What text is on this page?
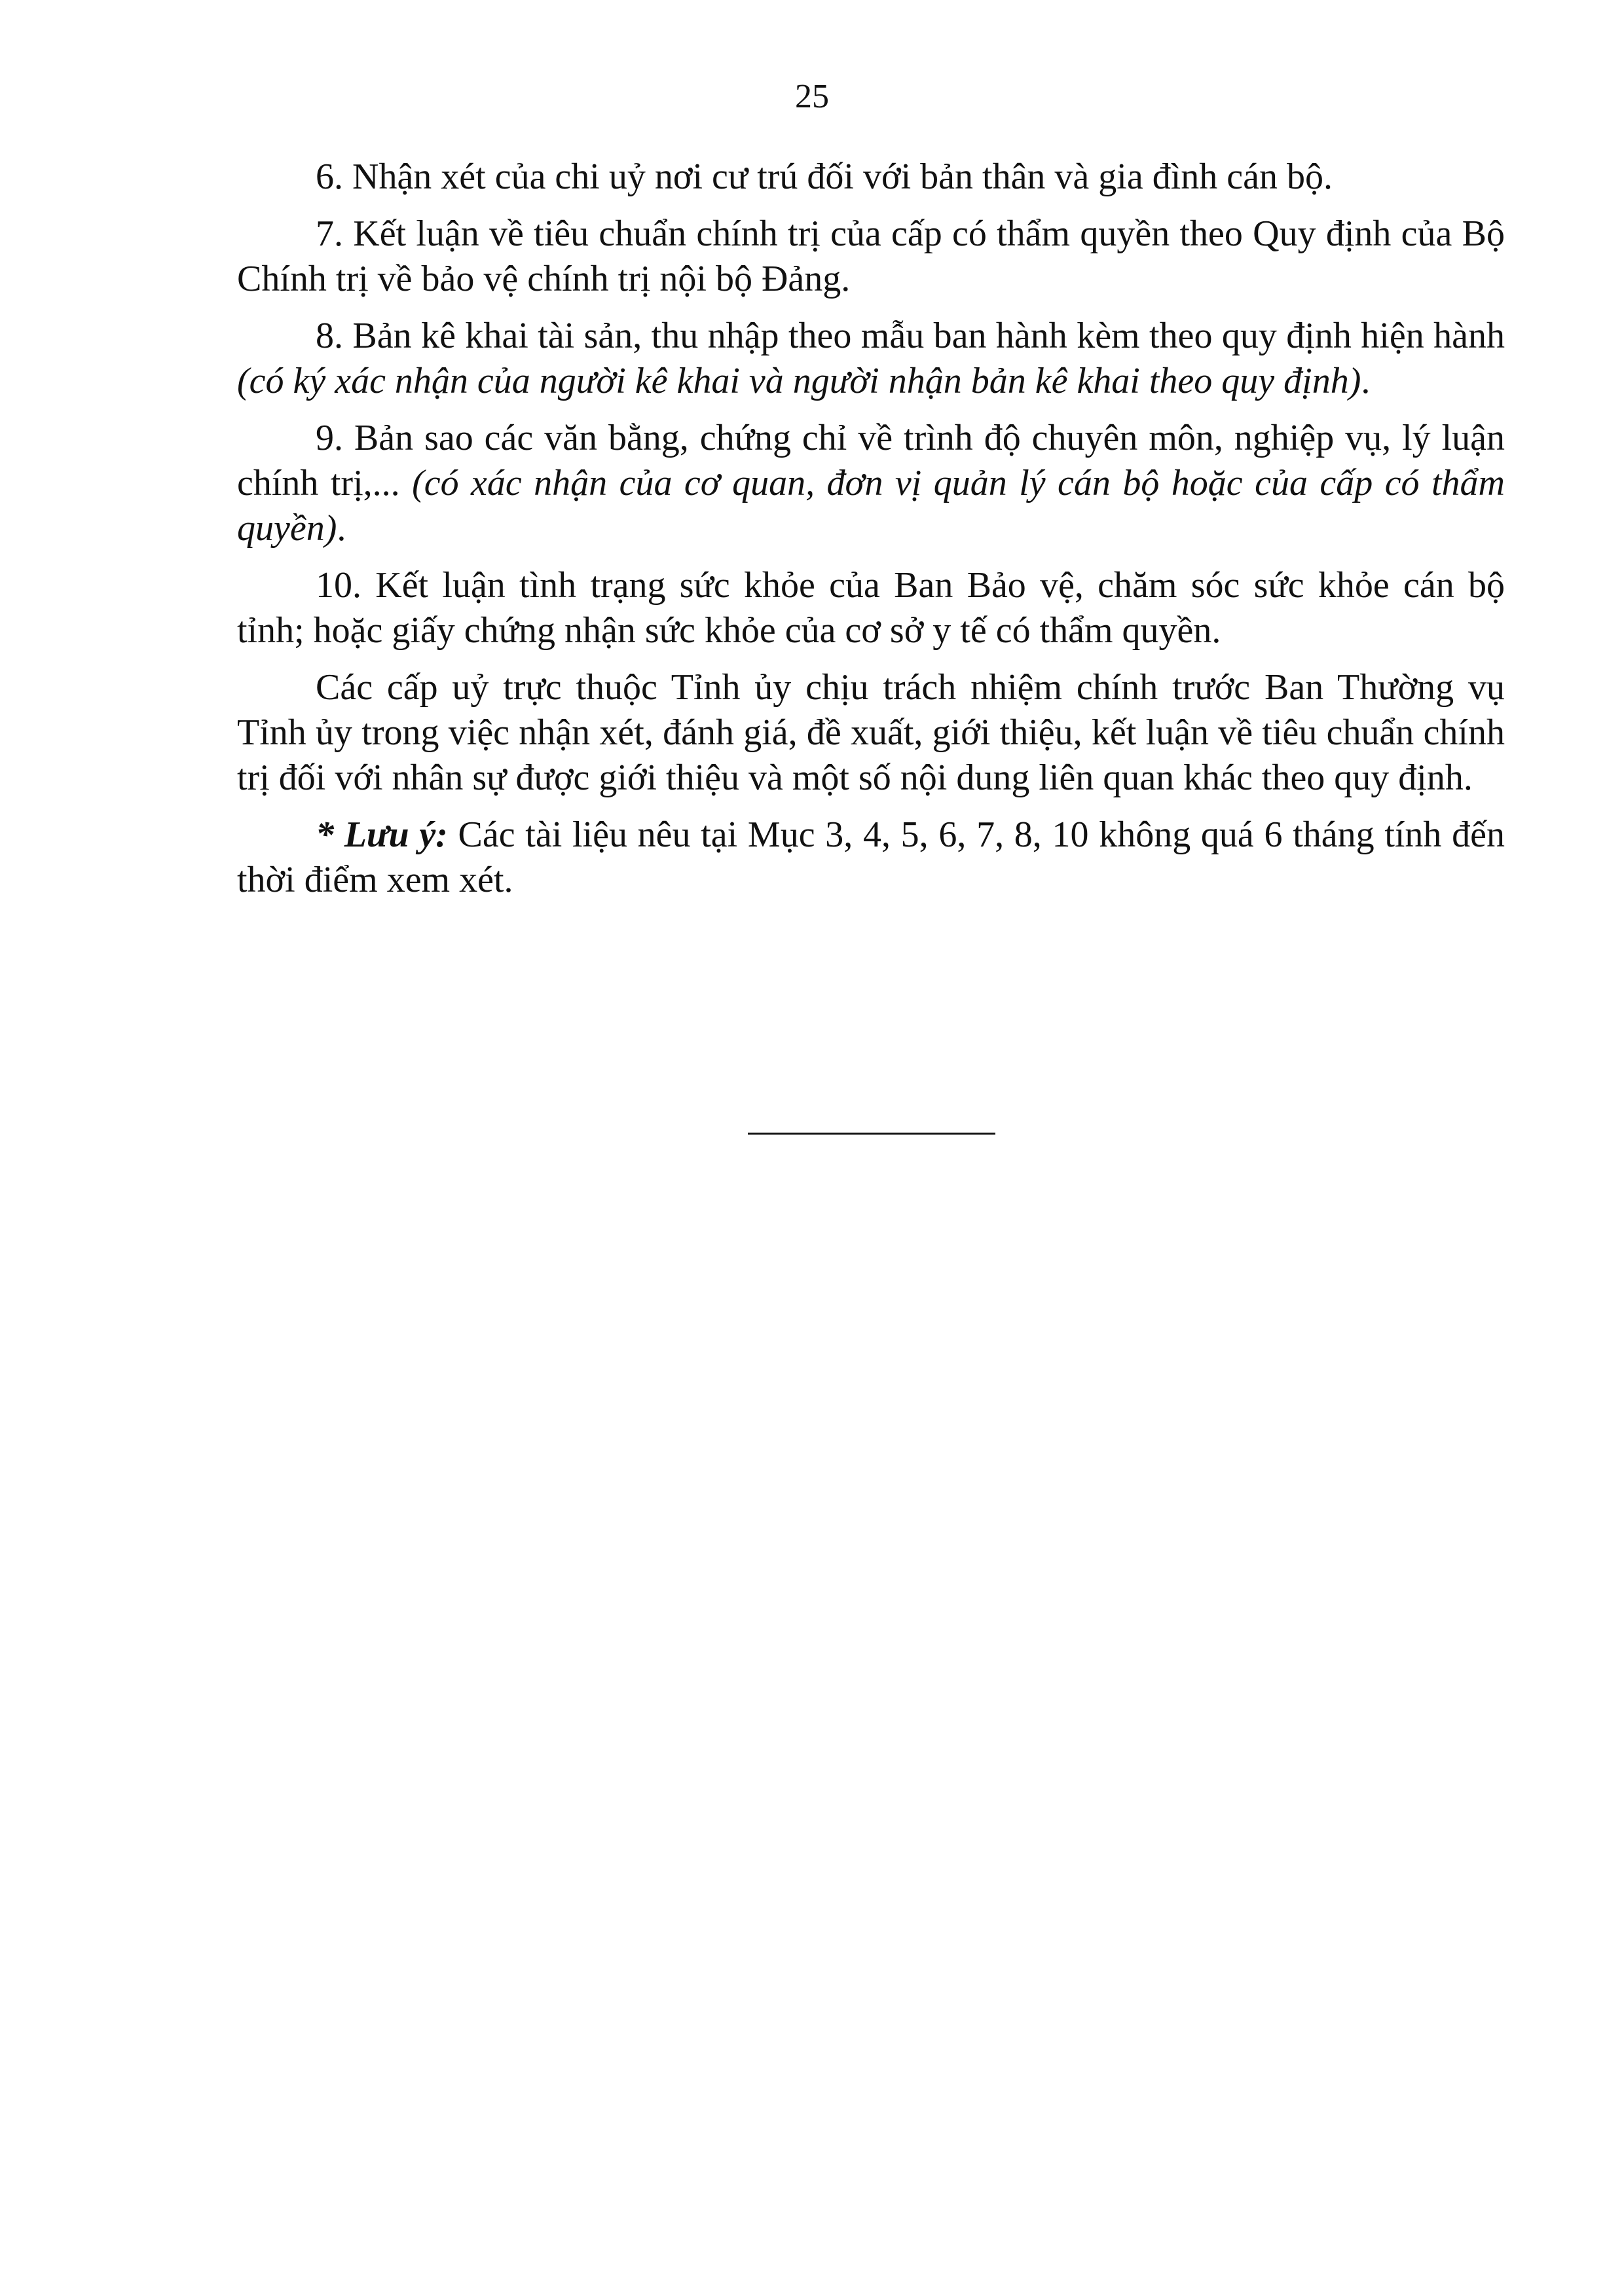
25

6. Nhận xét của chi uỷ nơi cư trú đối với bản thân và gia đình cán bộ.

7. Kết luận về tiêu chuẩn chính trị của cấp có thẩm quyền theo Quy định của Bộ Chính trị về bảo vệ chính trị nội bộ Đảng.

8. Bản kê khai tài sản, thu nhập theo mẫu ban hành kèm theo quy định hiện hành (có ký xác nhận của người kê khai và người nhận bản kê khai theo quy định).

9. Bản sao các văn bằng, chứng chỉ về trình độ chuyên môn, nghiệp vụ, lý luận chính trị,... (có xác nhận của cơ quan, đơn vị quản lý cán bộ hoặc của cấp có thẩm quyền).

10. Kết luận tình trạng sức khỏe của Ban Bảo vệ, chăm sóc sức khỏe cán bộ tỉnh; hoặc giấy chứng nhận sức khỏe của cơ sở y tế có thẩm quyền.

Các cấp uỷ trực thuộc Tỉnh ủy chịu trách nhiệm chính trước Ban Thường vụ Tỉnh ủy trong việc nhận xét, đánh giá, đề xuất, giới thiệu, kết luận về tiêu chuẩn chính trị đối với nhân sự được giới thiệu và một số nội dung liên quan khác theo quy định.

* Lưu ý: Các tài liệu nêu tại Mục 3, 4, 5, 6, 7, 8, 10 không quá 6 tháng tính đến thời điểm xem xét.
